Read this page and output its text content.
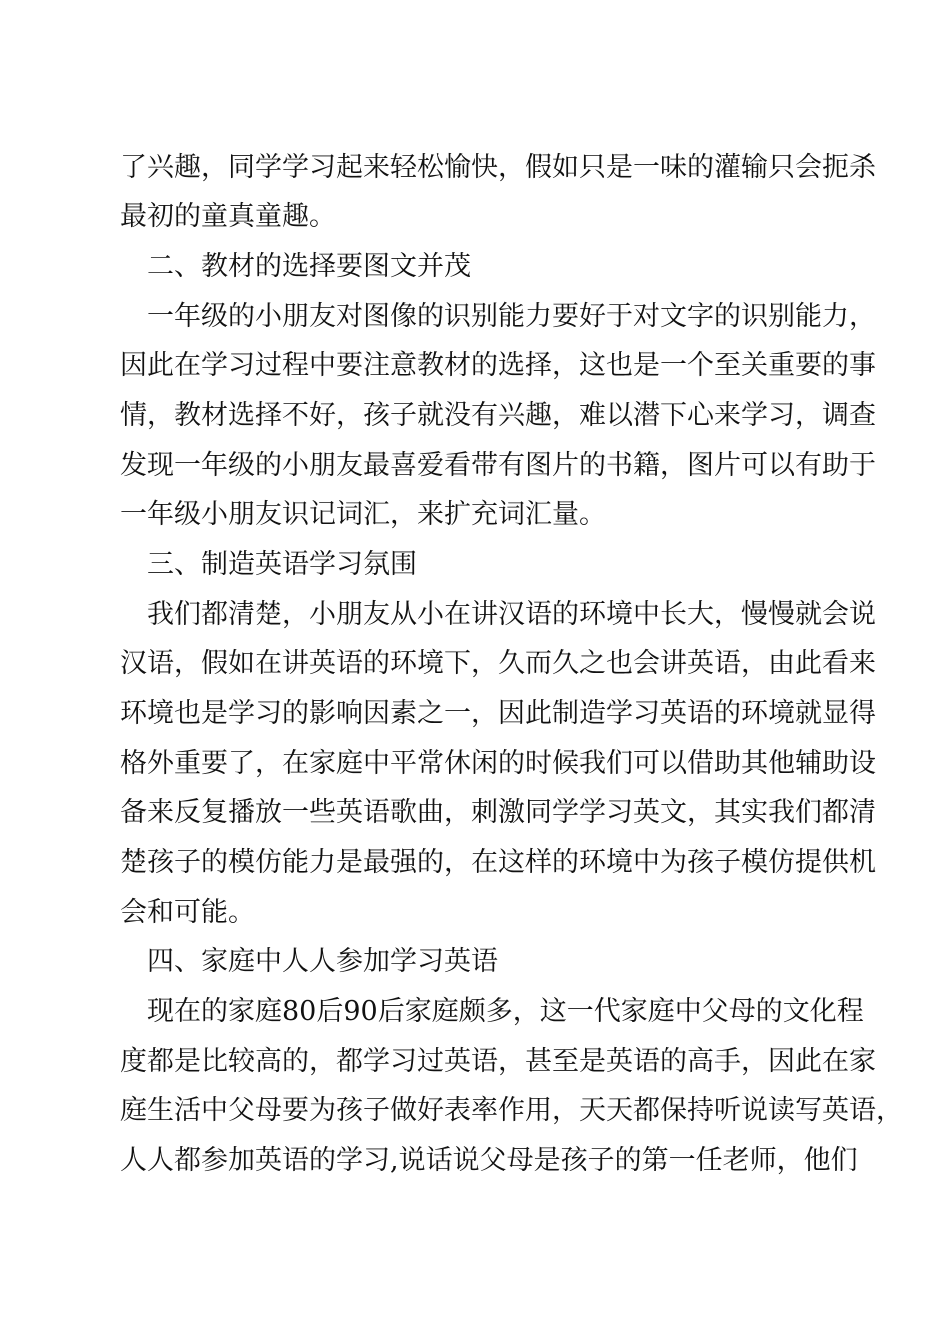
了兴趣，同学学习起来轻松愉快，假如只是一味的灌输只会扼杀

最初的童真童趣。

二、教材的选择要图文并茂

一年级的小朋友对图像的识别能力要好于对文字的识别能力，

因此在学习过程中要注意教材的选择，这也是一个至关重要的事

情，教材选择不好，孩子就没有兴趣，难以潜下心来学习，调查

发现一年级的小朋友最喜爱看带有图片的书籍，图片可以有助于

一年级小朋友识记词汇，来扩充词汇量。

三、制造英语学习氛围

我们都清楚，小朋友从小在讲汉语的环境中长大，慢慢就会说

汉语，假如在讲英语的环境下，久而久之也会讲英语，由此看来

环境也是学习的影响因素之一，因此制造学习英语的环境就显得

格外重要了，在家庭中平常休闲的时候我们可以借助其他辅助设

备来反复播放一些英语歌曲，刺激同学学习英文，其实我们都清

楚孩子的模仿能力是最强的，在这样的环境中为孩子模仿提供机

会和可能。

四、家庭中人人参加学习英语

现在的家庭80后90后家庭颇多，这一代家庭中父母的文化程

度都是比较高的，都学习过英语，甚至是英语的高手，因此在家

庭生活中父母要为孩子做好表率作用，天天都保持听说读写英语，

人人都参加英语的学习,说话说父母是孩子的第一任老师，他们
